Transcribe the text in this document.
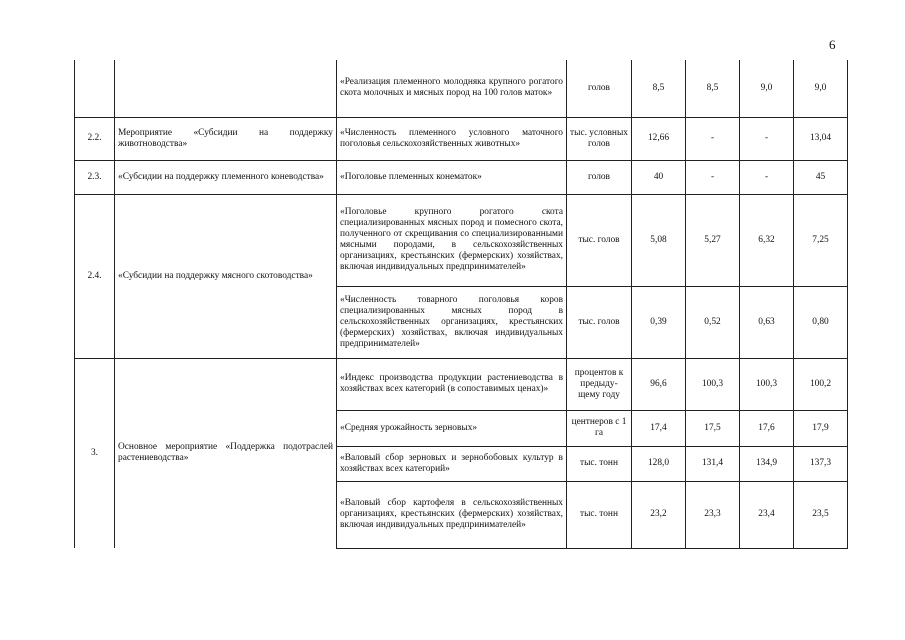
6
		«Реализация племенного молодняка крупного рогатого скота молочных и мясных пород на 100 голов маток»	голов	8,5	8,5	9,0	9,0
2.2.	Мероприятие «Субсидии на поддержку животноводства»	«Численность племенного условного маточного поголовья сельскохозяйственных животных»	тыс. условных голов	12,66	-	-	13,04
2.3.	«Субсидии на поддержку племенного коневодства»	«Поголовье племенных конематок»	голов	40	-	-	45
2.4.	«Субсидии на поддержку мясного скотоводства»	«Поголовье крупного рогатого скота специализированных мясных пород и помесного скота, полученного от скрещивания со специализированными мясными породами, в сельскохозяйственных организациях, крестьянских (фермерских) хозяйствах, включая индивидуальных предпринимателей»	тыс. голов	5,08	5,27	6,32	7,25
		«Численность товарного поголовья коров специализированных мясных пород в сельскохозяйственных организациях, крестьянских (фермерских) хозяйствах, включая индивидуальных предпринимателей»	тыс. голов	0,39	0,52	0,63	0,80
3.	Основное мероприятие «Поддержка подотраслей растениеводства»	«Индекс производства продукции растениеводства в хозяйствах всех категорий (в сопоставимых ценах)»	процентов к предыду-щему году	96,6	100,3	100,3	100,2
		«Средняя урожайность зерновых»	центнеров с 1 га	17,4	17,5	17,6	17,9
		«Валовый сбор зерновых и зернобобовых культур в хозяйствах всех категорий»	тыс. тонн	128,0	131,4	134,9	137,3
		«Валовый сбор картофеля в сельскохозяйственных организациях, крестьянских (фермерских) хозяйствах, включая индивидуальных предпринимателей»	тыс. тонн	23,2	23,3	23,4	23,5
